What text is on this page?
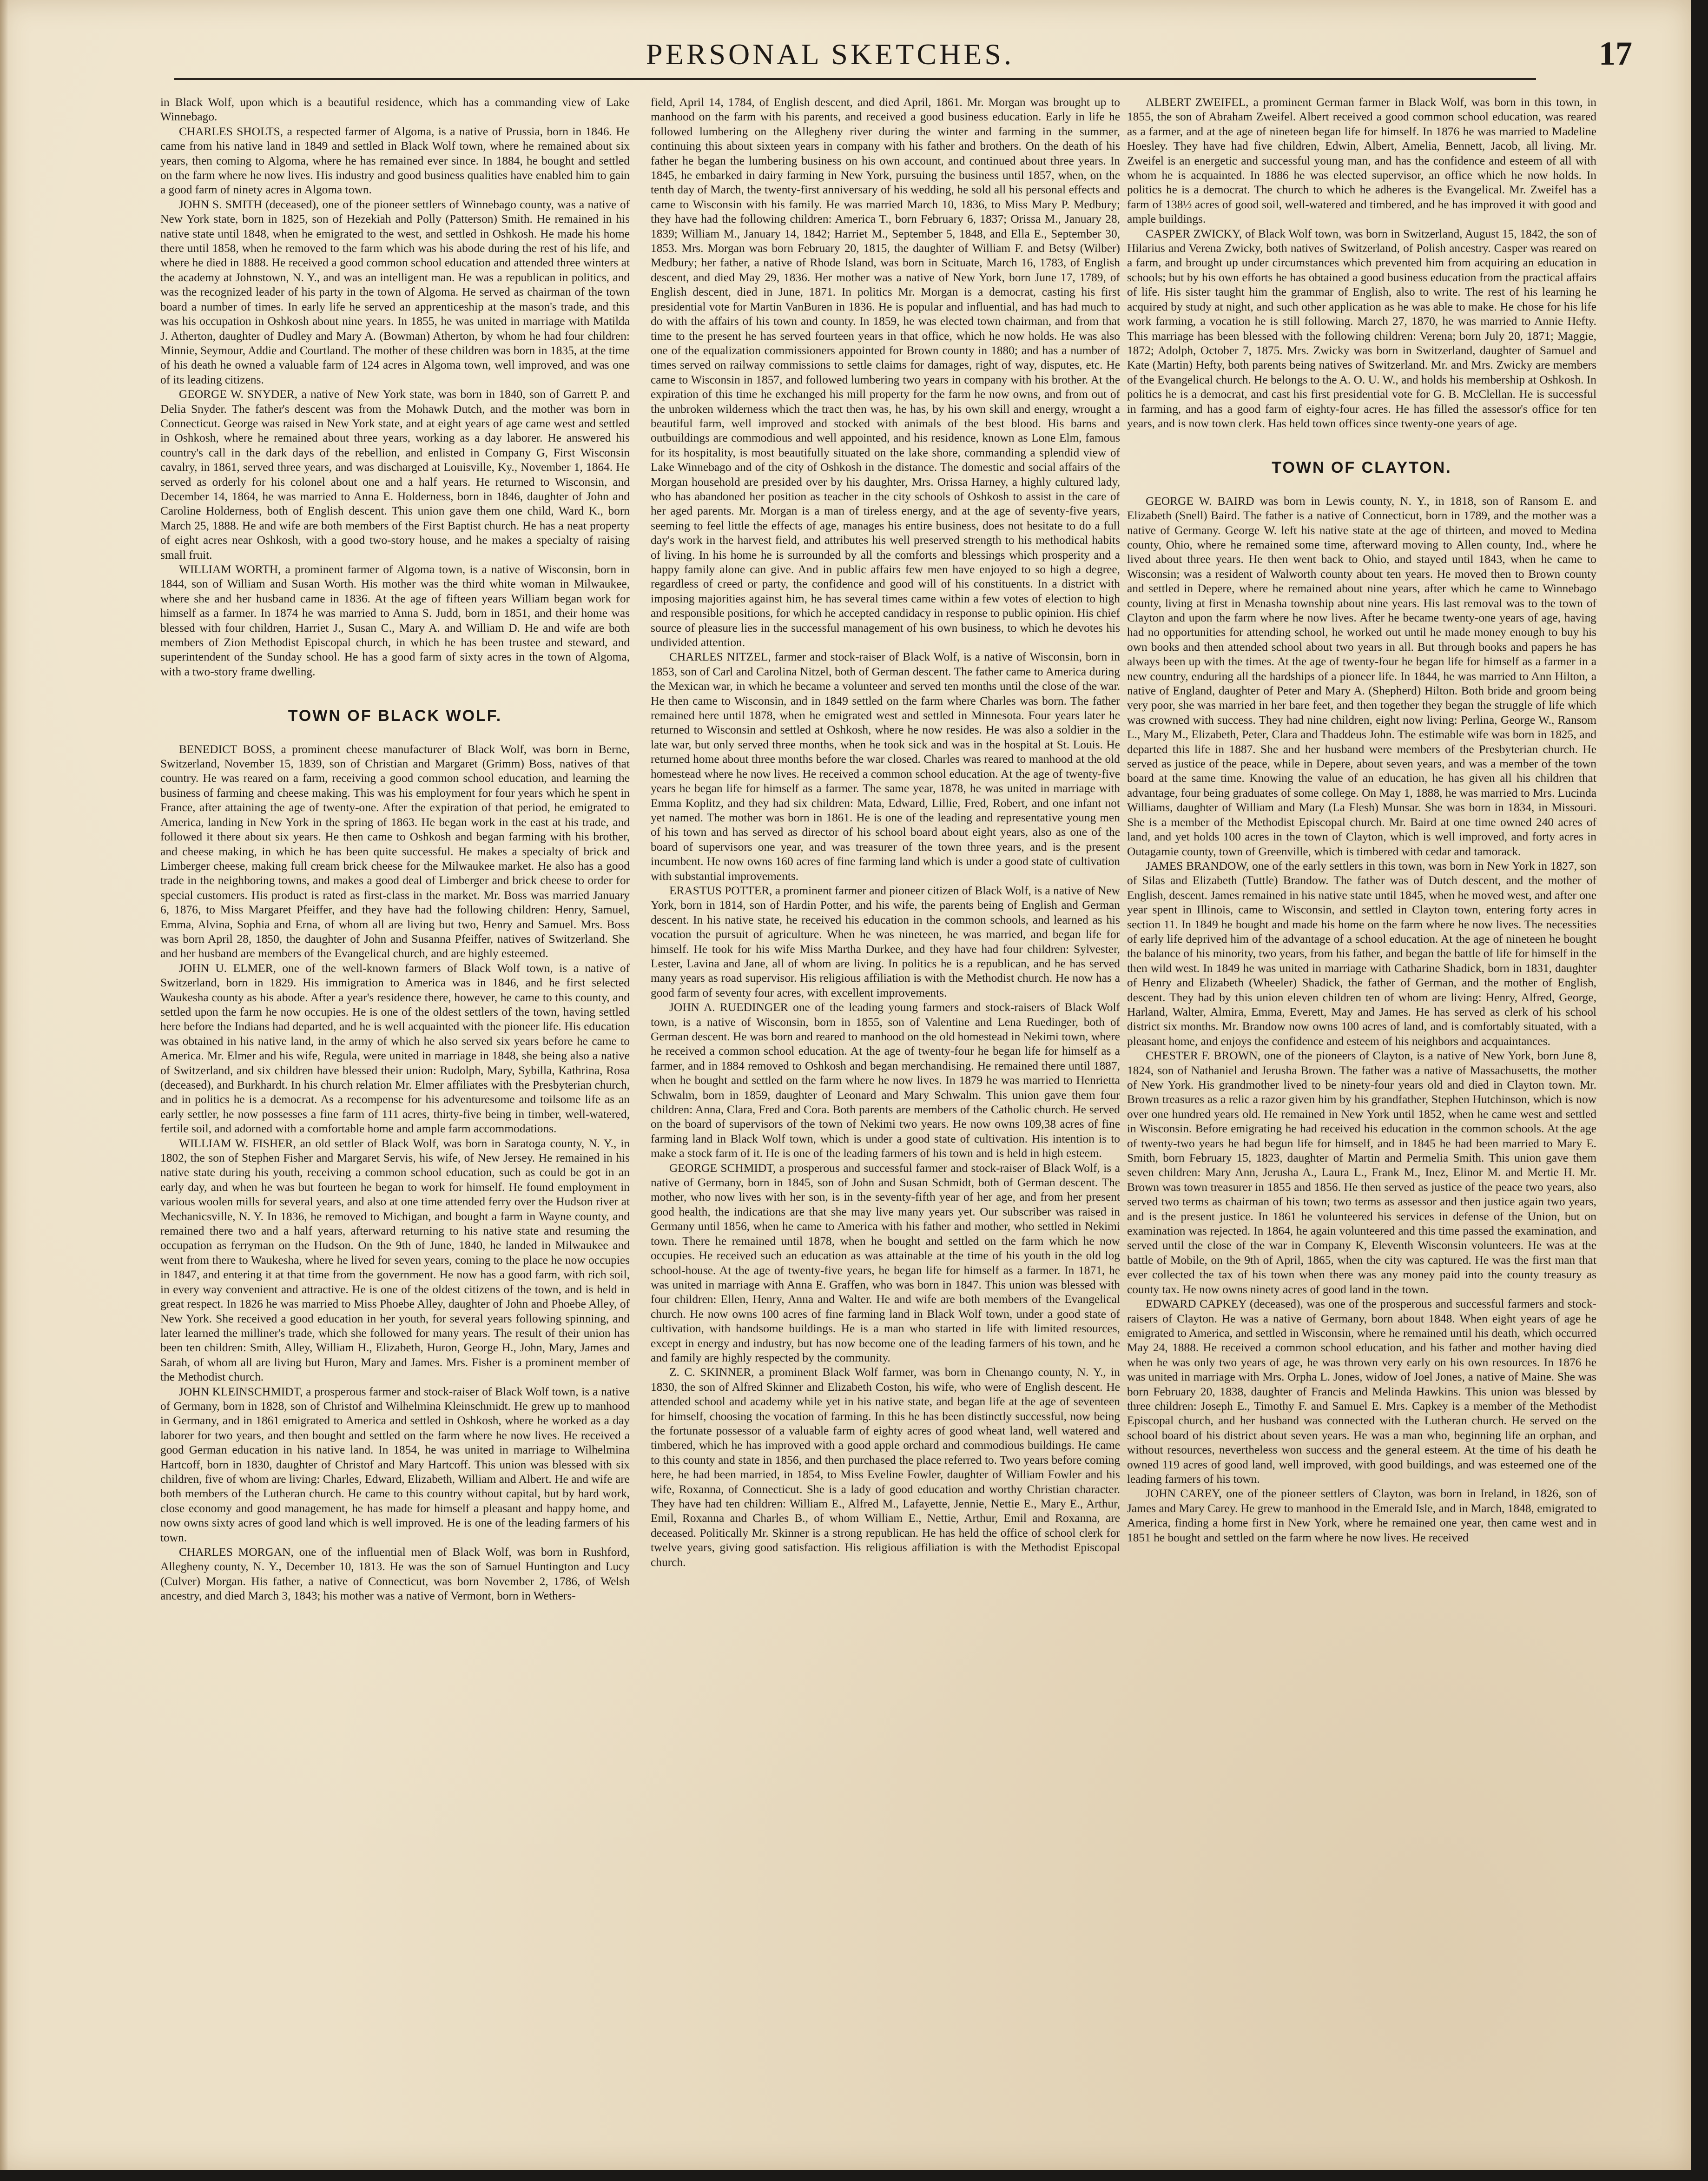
PERSONAL SKETCHES.	17

in Black Wolf, upon which is a beautiful residence, which has a commanding view of Lake Winnebago.

CHARLES SHOLTS, a respected farmer of Algoma, is a native of Prussia, born in 1846. He came from his native land in 1849 and settled in Black Wolf town, where he remained about six years, then coming to Algoma, where he has remained ever since. In 1884, he bought and settled on the farm where he now lives. His industry and good business qualities have enabled him to gain a good farm of ninety acres in Algoma town.

JOHN S. SMITH (deceased), one of the pioneer settlers of Winnebago county, was a native of New York state, born in 1825, son of Hezekiah and Polly (Patterson) Smith. He remained in his native state until 1848, when he emigrated to the west, and settled in Oshkosh. He made his home there until 1858, when he removed to the farm which was his abode during the rest of his life, and where he died in 1888. He received a good common school education and attended three winters at the academy at Johnstown, N. Y., and was an intelligent man. He was a republican in politics, and was the recognized leader of his party in the town of Algoma. He served as chairman of the town board a number of times. In early life he served an apprenticeship at the mason's trade, and this was his occupation in Oshkosh about nine years. In 1855, he was united in marriage with Matilda J. Atherton, daughter of Dudley and Mary A. (Bowman) Atherton, by whom he had four children: Minnie, Seymour, Addie and Courtland. The mother of these children was born in 1835, at the time of his death he owned a valuable farm of 124 acres in Algoma town, well improved, and was one of its leading citizens.

GEORGE W. SNYDER, a native of New York state, was born in 1840, son of Garrett P. and Delia Snyder. The father's descent was from the Mohawk Dutch, and the mother was born in Connecticut. George was raised in New York state, and at eight years of age came west and settled in Oshkosh, where he remained about three years, working as a day laborer. He answered his country's call in the dark days of the rebellion, and enlisted in Company G, First Wisconsin cavalry, in 1861, served three years, and was discharged at Louisville, Ky., November 1, 1864. He served as orderly for his colonel about one and a half years. He returned to Wisconsin, and December 14, 1864, he was married to Anna E. Holderness, born in 1846, daughter of John and Caroline Holderness, both of English descent. This union gave them one child, Ward K., born March 25, 1888. He and wife are both members of the First Baptist church. He has a neat property of eight acres near Oshkosh, with a good two-story house, and he makes a specialty of raising small fruit.

WILLIAM WORTH, a prominent farmer of Algoma town, is a native of Wisconsin, born in 1844, son of William and Susan Worth. His mother was the third white woman in Milwaukee, where she and her husband came in 1836. At the age of fifteen years William began work for himself as a farmer. In 1874 he was married to Anna S. Judd, born in 1851, and their home was blessed with four children, Harriet J., Susan C., Mary A. and William D. He and wife are both members of Zion Methodist Episcopal church, in which he has been trustee and steward, and superintendent of the Sunday school. He has a good farm of sixty acres in the town of Algoma, with a two-story frame dwelling.

TOWN OF BLACK WOLF.

BENEDICT BOSS, a prominent cheese manufacturer of Black Wolf, was born in Berne, Switzerland, November 15, 1839, son of Christian and Margaret (Grimm) Boss, natives of that country. He was reared on a farm, receiving a good common school education, and learning the business of farming and cheese making. This was his employment for four years which he spent in France, after attaining the age of twenty-one. After the expiration of that period, he emigrated to America, landing in New York in the spring of 1863. He began work in the east at his trade, and followed it there about six years. He then came to Oshkosh and began farming with his brother, and cheese making, in which he has been quite successful. He makes a specialty of brick and Limberger cheese, making full cream brick cheese for the Milwaukee market. He also has a good trade in the neighboring towns, and makes a good deal of Limberger and brick cheese to order for special customers. His product is rated as first-class in the market. Mr. Boss was married January 6, 1876, to Miss Margaret Pfeiffer, and they have had the following children: Henry, Samuel, Emma, Alvina, Sophia and Erna, of whom all are living but two, Henry and Samuel. Mrs. Boss was born April 28, 1850, the daughter of John and Susanna Pfeiffer, natives of Switzerland. She and her husband are members of the Evangelical church, and are highly esteemed.

JOHN U. ELMER, one of the well-known farmers of Black Wolf town, is a native of Switzerland, born in 1829. His immigration to America was in 1846, and he first selected Waukesha county as his abode. After a year's residence there, however, he came to this county, and settled upon the farm he now occupies. He is one of the oldest settlers of the town, having settled here before the Indians had departed, and he is well acquainted with the pioneer life. His education was obtained in his native land, in the army of which he also served six years before he came to America. Mr. Elmer and his wife, Regula, were united in marriage in 1848, she being also a native of Switzerland, and six children have blessed their union: Rudolph, Mary, Sybilla, Kathrina, Rosa (deceased), and Burkhardt. In his church relation Mr. Elmer affiliates with the Presbyterian church, and in politics he is a democrat. As a recompense for his adventuresome and toilsome life as an early settler, he now possesses a fine farm of 111 acres, thirty-five being in timber, well-watered, fertile soil, and adorned with a comfortable home and ample farm accommodations.

WILLIAM W. FISHER, an old settler of Black Wolf, was born in Saratoga county, N. Y., in 1802, the son of Stephen Fisher and Margaret Servis, his wife, of New Jersey. He remained in his native state during his youth, receiving a common school education, such as could be got in an early day, and when he was but fourteen he began to work for himself. He found employment in various woolen mills for several years, and also at one time attended ferry over the Hudson river at Mechanicsville, N. Y. In 1836, he removed to Michigan, and bought a farm in Wayne county, and remained there two and a half years, afterward returning to his native state and resuming the occupation as ferryman on the Hudson. On the 9th of June, 1840, he landed in Milwaukee and went from there to Waukesha, where he lived for seven years, coming to the place he now occupies in 1847, and entering it at that time from the government. He now has a good farm, with rich soil, in every way convenient and attractive. He is one of the oldest citizens of the town, and is held in great respect. In 1826 he was married to Miss Phoebe Alley, daughter of John and Phoebe Alley, of New York. She received a good education in her youth, for several years following spinning, and later learned the milliner's trade, which she followed for many years. The result of their union has been ten children: Smith, Alley, William H., Elizabeth, Huron, George H., John, Mary, James and Sarah, of whom all are living but Huron, Mary and James. Mrs. Fisher is a prominent member of the Methodist church.

JOHN KLEINSCHMIDT, a prosperous farmer and stock-raiser of Black Wolf town, is a native of Germany, born in 1828, son of Christof and Wilhelmina Kleinschmidt. He grew up to manhood in Germany, and in 1861 emigrated to America and settled in Oshkosh, where he worked as a day laborer for two years, and then bought and settled on the farm where he now lives. He received a good German education in his native land. In 1854, he was united in marriage to Wilhelmina Hartcoff, born in 1830, daughter of Christof and Mary Hartcoff. This union was blessed with six children, five of whom are living: Charles, Edward, Elizabeth, William and Albert. He and wife are both members of the Lutheran church. He came to this country without capital, but by hard work, close economy and good management, he has made for himself a pleasant and happy home, and now owns sixty acres of good land which is well improved. He is one of the leading farmers of his town.

CHARLES MORGAN, one of the influential men of Black Wolf, was born in Rushford, Allegheny county, N. Y., December 10, 1813. He was the son of Samuel Huntington and Lucy (Culver) Morgan. His father, a native of Connecticut, was born November 2, 1786, of Welsh ancestry, and died March 3, 1843; his mother was a native of Vermont, born in Wethers-

field, April 14, 1784, of English descent, and died April, 1861. Mr. Morgan was brought up to manhood on the farm with his parents, and received a good business education. Early in life he followed lumbering on the Allegheny river during the winter and farming in the summer, continuing this about sixteen years in company with his father and brothers. On the death of his father he began the lumbering business on his own account, and continued about three years. In 1845, he embarked in dairy farming in New York, pursuing the business until 1857, when, on the tenth day of March, the twenty-first anniversary of his wedding, he sold all his personal effects and came to Wisconsin with his family. He was married March 10, 1836, to Miss Mary P. Medbury; they have had the following children: America T., born February 6, 1837; Orissa M., January 28, 1839; William M., January 14, 1842; Harriet M., September 5, 1848, and Ella E., September 30, 1853. Mrs. Morgan was born February 20, 1815, the daughter of William F. and Betsy (Wilber) Medbury; her father, a native of Rhode Island, was born in Scituate, March 16, 1783, of English descent, and died May 29, 1836. Her mother was a native of New York, born June 17, 1789, of English descent, died in June, 1871. In politics Mr. Morgan is a democrat, casting his first presidential vote for Martin VanBuren in 1836. He is popular and influential, and has had much to do with the affairs of his town and county. In 1859, he was elected town chairman, and from that time to the present he has served fourteen years in that office, which he now holds. He was also one of the equalization commissioners appointed for Brown county in 1880; and has a number of times served on railway commissions to settle claims for damages, right of way, disputes, etc. He came to Wisconsin in 1857, and followed lumbering two years in company with his brother. At the expiration of this time he exchanged his mill property for the farm he now owns, and from out of the unbroken wilderness which the tract then was, he has, by his own skill and energy, wrought a beautiful farm, well improved and stocked with animals of the best blood. His barns and outbuildings are commodious and well appointed, and his residence, known as Lone Elm, famous for its hospitality, is most beautifully situated on the lake shore, commanding a splendid view of Lake Winnebago and of the city of Oshkosh in the distance. The domestic and social affairs of the Morgan household are presided over by his daughter, Mrs. Orissa Harney, a highly cultured lady, who has abandoned her position as teacher in the city schools of Oshkosh to assist in the care of her aged parents. Mr. Morgan is a man of tireless energy, and at the age of seventy-five years, seeming to feel little the effects of age, manages his entire business, does not hesitate to do a full day's work in the harvest field, and attributes his well preserved strength to his methodical habits of living. In his home he is surrounded by all the comforts and blessings which prosperity and a happy family alone can give. And in public affairs few men have enjoyed to so high a degree, regardless of creed or party, the confidence and good will of his constituents. In a district with imposing majorities against him, he has several times came within a few votes of election to high and responsible positions, for which he accepted candidacy in response to public opinion. His chief source of pleasure lies in the successful management of his own business, to which he devotes his undivided attention.

CHARLES NITZEL, farmer and stock-raiser of Black Wolf, is a native of Wisconsin, born in 1853, son of Carl and Carolina Nitzel, both of German descent. The father came to America during the Mexican war, in which he became a volunteer and served ten months until the close of the war. He then came to Wisconsin, and in 1849 settled on the farm where Charles was born. The father remained here until 1878, when he emigrated west and settled in Minnesota. Four years later he returned to Wisconsin and settled at Oshkosh, where he now resides. He was also a soldier in the late war, but only served three months, when he took sick and was in the hospital at St. Louis. He returned home about three months before the war closed. Charles was reared to manhood at the old homestead where he now lives. He received a common school education. At the age of twenty-five years he began life for himself as a farmer. The same year, 1878, he was united in marriage with Emma Koplitz, and they had six children: Mata, Edward, Lillie, Fred, Robert, and one infant not yet named. The mother was born in 1861. He is one of the leading and representative young men of his town and has served as director of his school board about eight years, also as one of the board of supervisors one year, and was treasurer of the town three years, and is the present incumbent. He now owns 160 acres of fine farming land which is under a good state of cultivation with substantial improvements.

ERASTUS POTTER, a prominent farmer and pioneer citizen of Black Wolf, is a native of New York, born in 1814, son of Hardin Potter, and his wife, the parents being of English and German descent. In his native state, he received his education in the common schools, and learned as his vocation the pursuit of agriculture. When he was nineteen, he was married, and began life for himself. He took for his wife Miss Martha Durkee, and they have had four children: Sylvester, Lester, Lavina and Jane, all of whom are living. In politics he is a republican, and he has served many years as road supervisor. His religious affiliation is with the Methodist church. He now has a good farm of seventy four acres, with excellent improvements.

JOHN A. RUEDINGER one of the leading young farmers and stock-raisers of Black Wolf town, is a native of Wisconsin, born in 1855, son of Valentine and Lena Ruedinger, both of German descent. He was born and reared to manhood on the old homestead in Nekimi town, where he received a common school education. At the age of twenty-four he began life for himself as a farmer, and in 1884 removed to Oshkosh and began merchandising. He remained there until 1887, when he bought and settled on the farm where he now lives. In 1879 he was married to Henrietta Schwalm, born in 1859, daughter of Leonard and Mary Schwalm. This union gave them four children: Anna, Clara, Fred and Cora. Both parents are members of the Catholic church. He served on the board of supervisors of the town of Nekimi two years. He now owns 109,38 acres of fine farming land in Black Wolf town, which is under a good state of cultivation. His intention is to make a stock farm of it. He is one of the leading farmers of his town and is held in high esteem.

GEORGE SCHMIDT, a prosperous and successful farmer and stock-raiser of Black Wolf, is a native of Germany, born in 1845, son of John and Susan Schmidt, both of German descent. The mother, who now lives with her son, is in the seventy-fifth year of her age, and from her present good health, the indications are that she may live many years yet. Our subscriber was raised in Germany until 1856, when he came to America with his father and mother, who settled in Nekimi town. There he remained until 1878, when he bought and settled on the farm which he now occupies. He received such an education as was attainable at the time of his youth in the old log school-house. At the age of twenty-five years, he began life for himself as a farmer. In 1871, he was united in marriage with Anna E. Graffen, who was born in 1847. This union was blessed with four children: Ellen, Henry, Anna and Walter. He and wife are both members of the Evangelical church. He now owns 100 acres of fine farming land in Black Wolf town, under a good state of cultivation, with handsome buildings. He is a man who started in life with limited resources, except in energy and industry, but has now become one of the leading farmers of his town, and he and family are highly respected by the community.

Z. C. SKINNER, a prominent Black Wolf farmer, was born in Chenango county, N. Y., in 1830, the son of Alfred Skinner and Elizabeth Coston, his wife, who were of English descent. He attended school and academy while yet in his native state, and began life at the age of seventeen for himself, choosing the vocation of farming. In this he has been distinctly successful, now being the fortunate possessor of a valuable farm of eighty acres of good wheat land, well watered and timbered, which he has improved with a good apple orchard and commodious buildings. He came to this county and state in 1856, and then purchased the place referred to. Two years before coming here, he had been married, in 1854, to Miss Eveline Fowler, daughter of William Fowler and his wife, Roxanna, of Connecticut. She is a lady of good education and worthy Christian character. They have had ten children: William E., Alfred M., Lafayette, Jennie, Nettie E., Mary E., Arthur, Emil, Roxanna and Charles B., of whom William E., Nettie, Arthur, Emil and Roxanna, are deceased. Politically Mr. Skinner is a strong republican. He has held the office of school clerk for twelve years, giving good satisfaction. His religious affiliation is with the Methodist Episcopal church.

ALBERT ZWEIFEL, a prominent German farmer in Black Wolf, was born in this town, in 1855, the son of Abraham Zweifel. Albert received a good common school education, was reared as a farmer, and at the age of nineteen began life for himself. In 1876 he was married to Madeline Hoesley. They have had five children, Edwin, Albert, Amelia, Bennett, Jacob, all living. Mr. Zweifel is an energetic and successful young man, and has the confidence and esteem of all with whom he is acquainted. In 1886 he was elected supervisor, an office which he now holds. In politics he is a democrat. The church to which he adheres is the Evangelical. Mr. Zweifel has a farm of 138½ acres of good soil, well-watered and timbered, and he has improved it with good and ample buildings.

CASPER ZWICKY, of Black Wolf town, was born in Switzerland, August 15, 1842, the son of Hilarius and Verena Zwicky, both natives of Switzerland, of Polish ancestry. Casper was reared on a farm, and brought up under circumstances which prevented him from acquiring an education in schools; but by his own efforts he has obtained a good business education from the practical affairs of life. His sister taught him the grammar of English, also to write. The rest of his learning he acquired by study at night, and such other application as he was able to make. He chose for his life work farming, a vocation he is still following. March 27, 1870, he was married to Annie Hefty. This marriage has been blessed with the following children: Verena; born July 20, 1871; Maggie, 1872; Adolph, October 7, 1875. Mrs. Zwicky was born in Switzerland, daughter of Samuel and Kate (Martin) Hefty, both parents being natives of Switzerland. Mr. and Mrs. Zwicky are members of the Evangelical church. He belongs to the A. O. U. W., and holds his membership at Oshkosh. In politics he is a democrat, and cast his first presidential vote for G. B. McClellan. He is successful in farming, and has a good farm of eighty-four acres. He has filled the assessor's office for ten years, and is now town clerk. Has held town offices since twenty-one years of age.

TOWN OF CLAYTON.

GEORGE W. BAIRD was born in Lewis county, N. Y., in 1818, son of Ransom E. and Elizabeth (Snell) Baird. The father is a native of Connecticut, born in 1789, and the mother was a native of Germany. George W. left his native state at the age of thirteen, and moved to Medina county, Ohio, where he remained some time, afterward moving to Allen county, Ind., where he lived about three years. He then went back to Ohio, and stayed until 1843, when he came to Wisconsin; was a resident of Walworth county about ten years. He moved then to Brown county and settled in Depere, where he remained about nine years, after which he came to Winnebago county, living at first in Menasha township about nine years. His last removal was to the town of Clayton and upon the farm where he now lives. After he became twenty-one years of age, having had no opportunities for attending school, he worked out until he made money enough to buy his own books and then attended school about two years in all. But through books and papers he has always been up with the times. At the age of twenty-four he began life for himself as a farmer in a new country, enduring all the hardships of a pioneer life. In 1844, he was married to Ann Hilton, a native of England, daughter of Peter and Mary A. (Shepherd) Hilton. Both bride and groom being very poor, she was married in her bare feet, and then together they began the struggle of life which was crowned with success. They had nine children, eight now living: Perlina, George W., Ransom L., Mary M., Elizabeth, Peter, Clara and Thaddeus John. The estimable wife was born in 1825, and departed this life in 1887. She and her husband were members of the Presbyterian church. He served as justice of the peace, while in Depere, about seven years, and was a member of the town board at the same time. Knowing the value of an education, he has given all his children that advantage, four being graduates of some college. On May 1, 1888, he was married to Mrs. Lucinda Williams, daughter of William and Mary (La Flesh) Munsar. She was born in 1834, in Missouri. She is a member of the Methodist Episcopal church. Mr. Baird at one time owned 240 acres of land, and yet holds 100 acres in the town of Clayton, which is well improved, and forty acres in Outagamie county, town of Greenville, which is timbered with cedar and tamorack.

JAMES BRANDOW, one of the early settlers in this town, was born in New York in 1827, son of Silas and Elizabeth (Tuttle) Brandow. The father was of Dutch descent, and the mother of English, descent. James remained in his native state until 1845, when he moved west, and after one year spent in Illinois, came to Wisconsin, and settled in Clayton town, entering forty acres in section 11. In 1849 he bought and made his home on the farm where he now lives. The necessities of early life deprived him of the advantage of a school education. At the age of nineteen he bought the balance of his minority, two years, from his father, and began the battle of life for himself in the then wild west. In 1849 he was united in marriage with Catharine Shadick, born in 1831, daughter of Henry and Elizabeth (Wheeler) Shadick, the father of German, and the mother of English, descent. They had by this union eleven children ten of whom are living: Henry, Alfred, George, Harland, Walter, Almira, Emma, Everett, May and James. He has served as clerk of his school district six months. Mr. Brandow now owns 100 acres of land, and is comfortably situated, with a pleasant home, and enjoys the confidence and esteem of his neighbors and acquaintances.

CHESTER F. BROWN, one of the pioneers of Clayton, is a native of New York, born June 8, 1824, son of Nathaniel and Jerusha Brown. The father was a native of Massachusetts, the mother of New York. His grandmother lived to be ninety-four years old and died in Clayton town. Mr. Brown treasures as a relic a razor given him by his grandfather, Stephen Hutchinson, which is now over one hundred years old. He remained in New York until 1852, when he came west and settled in Wisconsin. Before emigrating he had received his education in the common schools. At the age of twenty-two years he had begun life for himself, and in 1845 he had been married to Mary E. Smith, born February 15, 1823, daughter of Martin and Permelia Smith. This union gave them seven children: Mary Ann, Jerusha A., Laura L., Frank M., Inez, Elinor M. and Mertie H. Mr. Brown was town treasurer in 1855 and 1856. He then served as justice of the peace two years, also served two terms as chairman of his town; two terms as assessor and then justice again two years, and is the present justice. In 1861 he volunteered his services in defense of the Union, but on examination was rejected. In 1864, he again volunteered and this time passed the examination, and served until the close of the war in Company K, Eleventh Wisconsin volunteers. He was at the battle of Mobile, on the 9th of April, 1865, when the city was captured. He was the first man that ever collected the tax of his town when there was any money paid into the county treasury as county tax. He now owns ninety acres of good land in the town.

EDWARD CAPKEY (deceased), was one of the prosperous and successful farmers and stock-raisers of Clayton. He was a native of Germany, born about 1848. When eight years of age he emigrated to America, and settled in Wisconsin, where he remained until his death, which occurred May 24, 1888. He received a common school education, and his father and mother having died when he was only two years of age, he was thrown very early on his own resources. In 1876 he was united in marriage with Mrs. Orpha L. Jones, widow of Joel Jones, a native of Maine. She was born February 20, 1838, daughter of Francis and Melinda Hawkins. This union was blessed by three children: Joseph E., Timothy F. and Samuel E. Mrs. Capkey is a member of the Methodist Episcopal church, and her husband was connected with the Lutheran church. He served on the school board of his district about seven years. He was a man who, beginning life an orphan, and without resources, nevertheless won success and the general esteem. At the time of his death he owned 119 acres of good land, well improved, with good buildings, and was esteemed one of the leading farmers of his town.

JOHN CAREY, one of the pioneer settlers of Clayton, was born in Ireland, in 1826, son of James and Mary Carey. He grew to manhood in the Emerald Isle, and in March, 1848, emigrated to America, finding a home first in New York, where he remained one year, then came west and in 1851 he bought and settled on the farm where he now lives. He received
